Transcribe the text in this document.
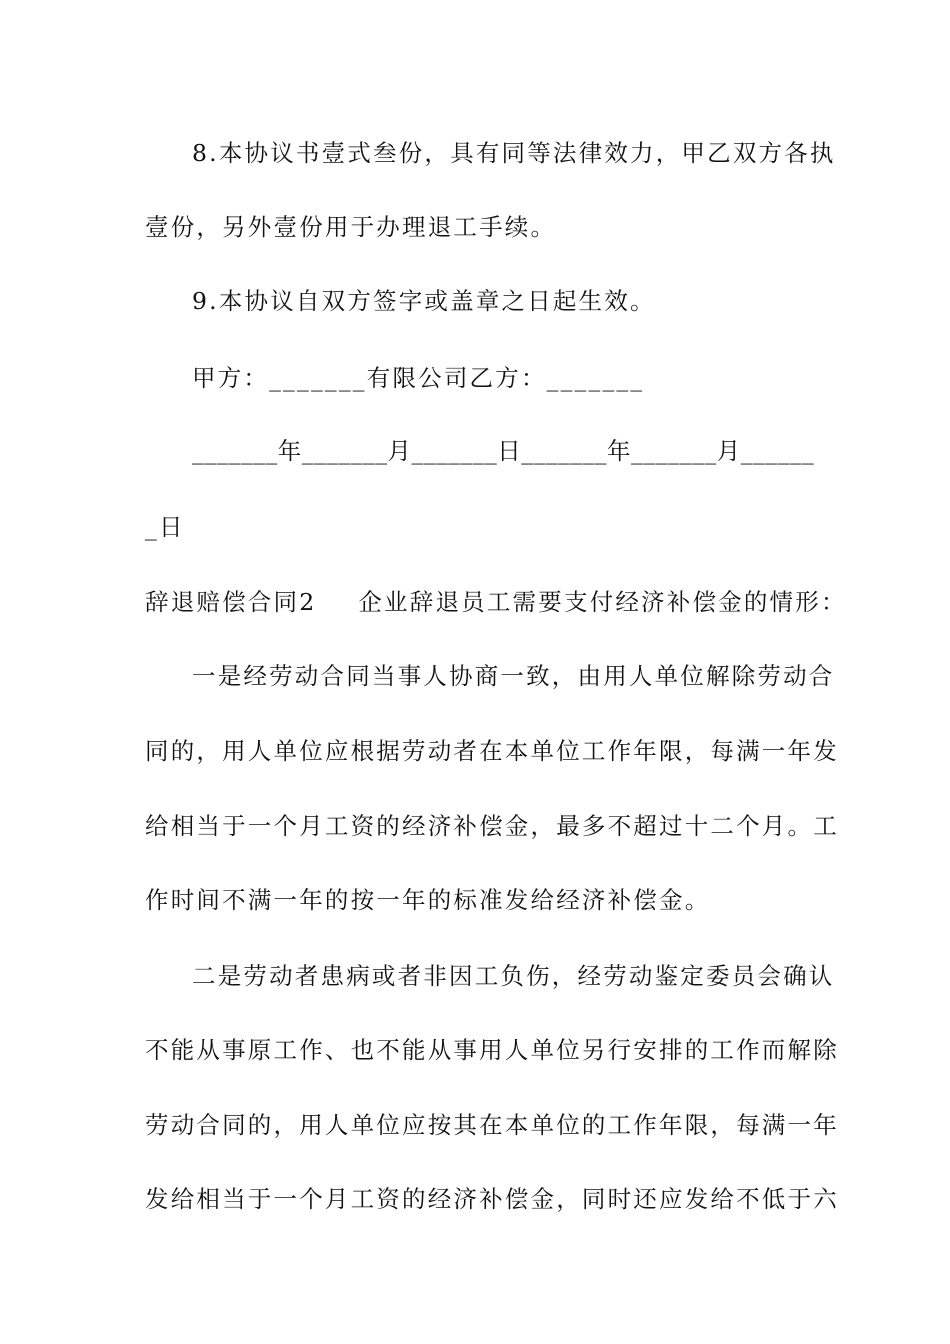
8.本协议书壹式叁份，具有同等法律效力，甲乙双方各执
壹份，另外壹份用于办理退工手续。
9.本协议自双方签字或盖章之日起生效。
甲方：_______有限公司乙方：_______
_______年_______月_______日_______年_______月______
_日
辞退赔偿合同2 企业辞退员工需要支付经济补偿金的情形：
一是经劳动合同当事人协商一致，由用人单位解除劳动合
同的，用人单位应根据劳动者在本单位工作年限，每满一年发
给相当于一个月工资的经济补偿金，最多不超过十二个月。工
作时间不满一年的按一年的标准发给经济补偿金。
二是劳动者患病或者非因工负伤，经劳动鉴定委员会确认
不能从事原工作、也不能从事用人单位另行安排的工作而解除
劳动合同的，用人单位应按其在本单位的工作年限，每满一年
发给相当于一个月工资的经济补偿金，同时还应发给不低于六
